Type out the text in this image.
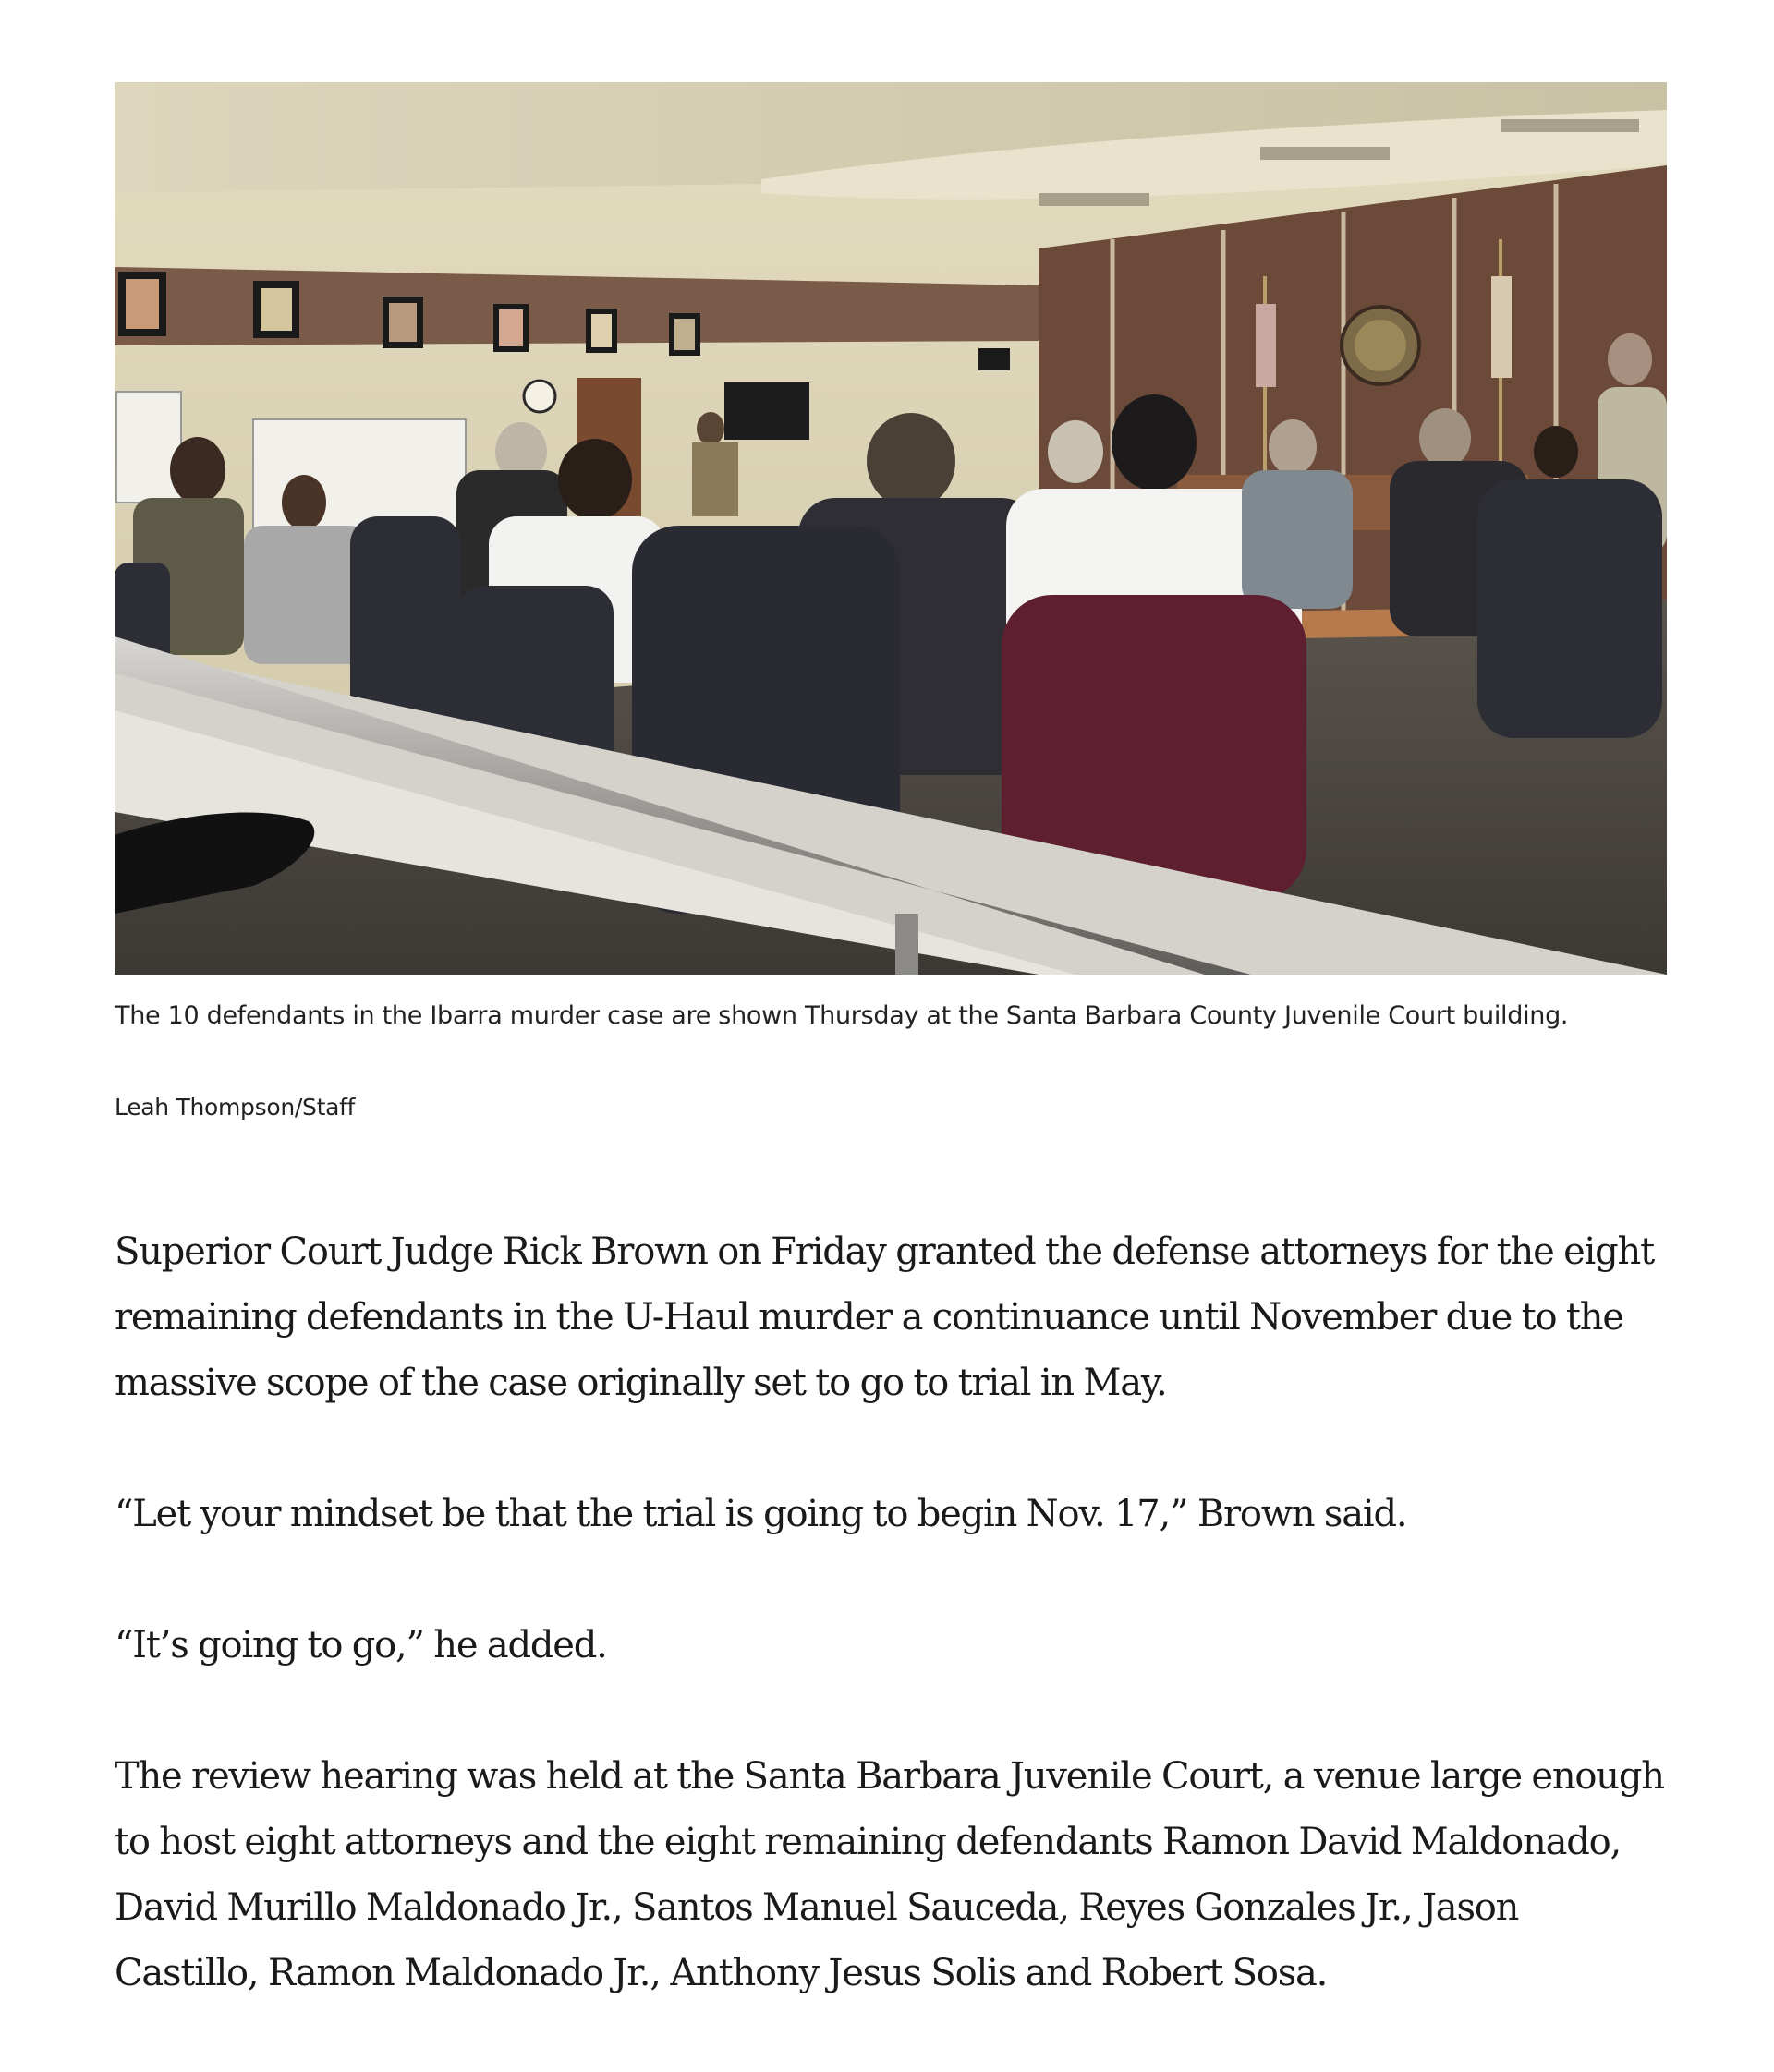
The 10 defendants in the Ibarra murder case are shown Thursday at the Santa Barbara County Juvenile Court building.
Leah Thompson/Staff

Superior Court Judge Rick Brown on Friday granted the defense attorneys for the eight remaining defendants in the U-Haul murder a continuance until November due to the massive scope of the case originally set to go to trial in May.

“Let your mindset be that the trial is going to begin Nov. 17,” Brown said.

“It’s going to go,” he added.

The review hearing was held at the Santa Barbara Juvenile Court, a venue large enough to host eight attorneys and the eight remaining defendants Ramon David Maldonado, David Murillo Maldonado Jr., Santos Manuel Sauceda, Reyes Gonzales Jr., Jason Castillo, Ramon Maldonado Jr., Anthony Jesus Solis and Robert Sosa.
